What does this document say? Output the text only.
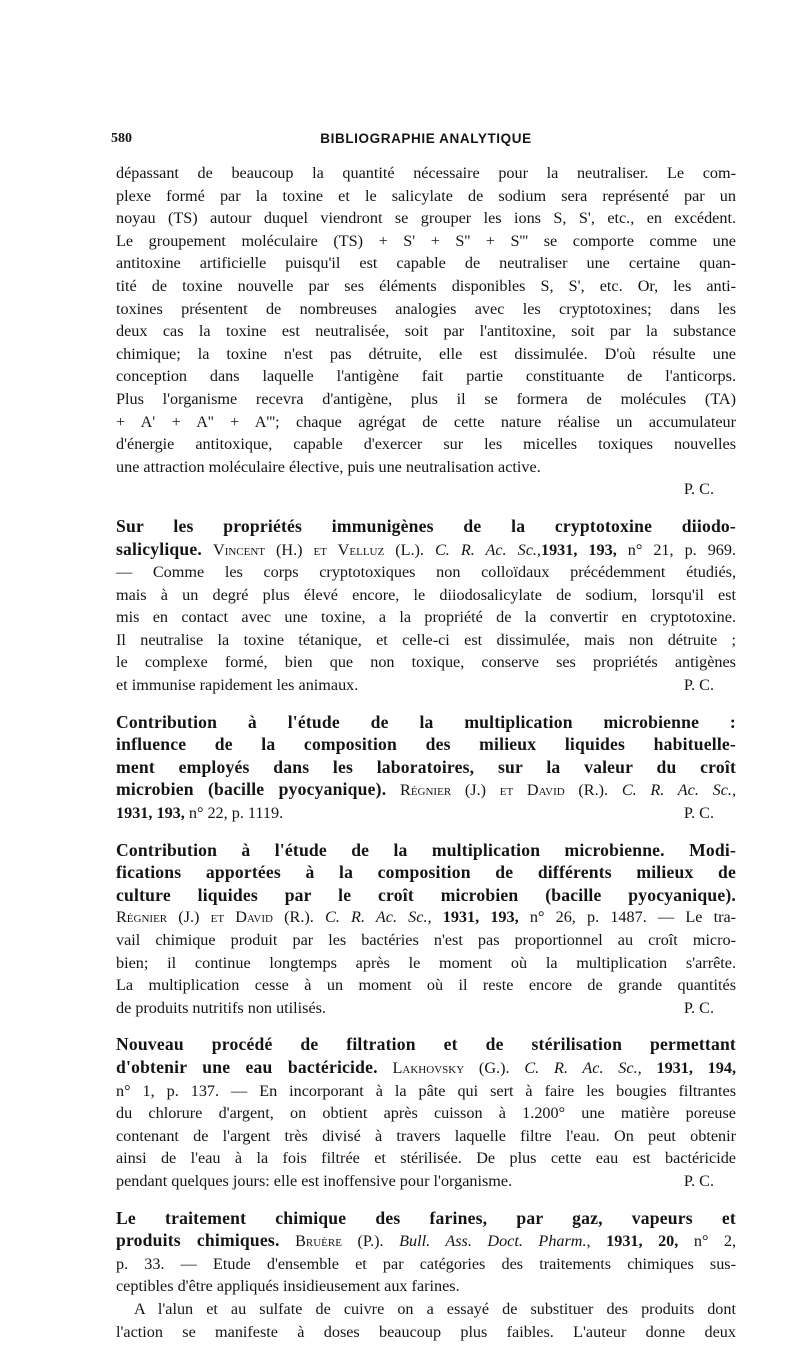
580	BIBLIOGRAPHIE ANALYTIQUE
dépassant de beaucoup la quantité nécessaire pour la neutraliser. Le com-
plexe formé par la toxine et le salicylate de sodium sera représenté par un
noyau (TS) autour duquel viendront se grouper les ions S, S', etc., en excédent.
Le groupement moléculaire (TS) + S' + S'' + S''' se comporte comme une
antitoxine artificielle puisqu'il est capable de neutraliser une certaine quan-
tité de toxine nouvelle par ses éléments disponibles S, S', etc. Or, les anti-
toxines présentent de nombreuses analogies avec les cryptotoxines; dans les
deux cas la toxine est neutralisée, soit par l'antitoxine, soit par la substance
chimique; la toxine n'est pas détruite, elle est dissimulée. D'où résulte une
conception dans laquelle l'antigène fait partie constituante de l'anticorps.
Plus l'organisme recevra d'antigène, plus il se formera de molécules (TA)
+ A' + A'' + A'''; chaque agrégat de cette nature réalise un accumulateur
d'énergie antitoxique, capable d'exercer sur les micelles toxiques nouvelles
une attraction moléculaire élective, puis une neutralisation active.
P. C.
Sur les propriétés immunigènes de la cryptotoxine diiodo-
salicylique. Vincent (H.) et Velluz (L.). C. R. Ac. Sc.,1931, 193, n° 21, p. 969.
— Comme les corps cryptotoxiques non colloïdaux précédemment étudiés,
mais à un degré plus élevé encore, le diiodosalicylate de sodium, lorsqu'il est
mis en contact avec une toxine, a la propriété de la convertir en cryptotoxine.
Il neutralise la toxine tétanique, et celle-ci est dissimulée, mais non détruite ;
le complexe formé, bien que non toxique, conserve ses propriétés antigènes
et immunise rapidement les animaux.	P. C.
Contribution à l'étude de la multiplication microbienne :
influence de la composition des milieux liquides habituelle-
ment employés dans les laboratoires, sur la valeur du croît
microbien (bacille pyocyanique). Régnier (J.) et David (R.). C. R. Ac. Sc.,
1931, 193, n° 22, p. 1119.	P. C.
Contribution à l'étude de la multiplication microbienne. Modi-
fications apportées à la composition de différents milieux de
culture liquides par le croît microbien (bacille pyocyanique).
Régnier (J.) et David (R.). C. R. Ac. Sc., 1931, 193, n° 26, p. 1487. — Le tra-
vail chimique produit par les bactéries n'est pas proportionnel au croît micro-
bien; il continue longtemps après le moment où la multiplication s'arrête.
La multiplication cesse à un moment où il reste encore de grande quantités
de produits nutritifs non utilisés.	P. C.
Nouveau procédé de filtration et de stérilisation permettant
d'obtenir une eau bactéricide. Lakhovsky (G.). C. R. Ac. Sc., 1931, 194,
n° 1, p. 137. — En incorporant à la pâte qui sert à faire les bougies filtrantes
du chlorure d'argent, on obtient après cuisson à 1.200° une matière poreuse
contenant de l'argent très divisé à travers laquelle filtre l'eau. On peut obtenir
ainsi de l'eau à la fois filtrée et stérilisée. De plus cette eau est bactéricide
pendant quelques jours: elle est inoffensive pour l'organisme.	P. C.
Le traitement chimique des farines, par gaz, vapeurs et
produits chimiques. Bruère (P.). Bull. Ass. Doct. Pharm., 1931, 20, n° 2,
p. 33. — Etude d'ensemble et par catégories des traitements chimiques sus-
ceptibles d'être appliqués insidieusement aux farines.
A l'alun et au sulfate de cuivre on a essayé de substituer des produits dont
l'action se manifeste à doses beaucoup plus faibles. L'auteur donne deux
